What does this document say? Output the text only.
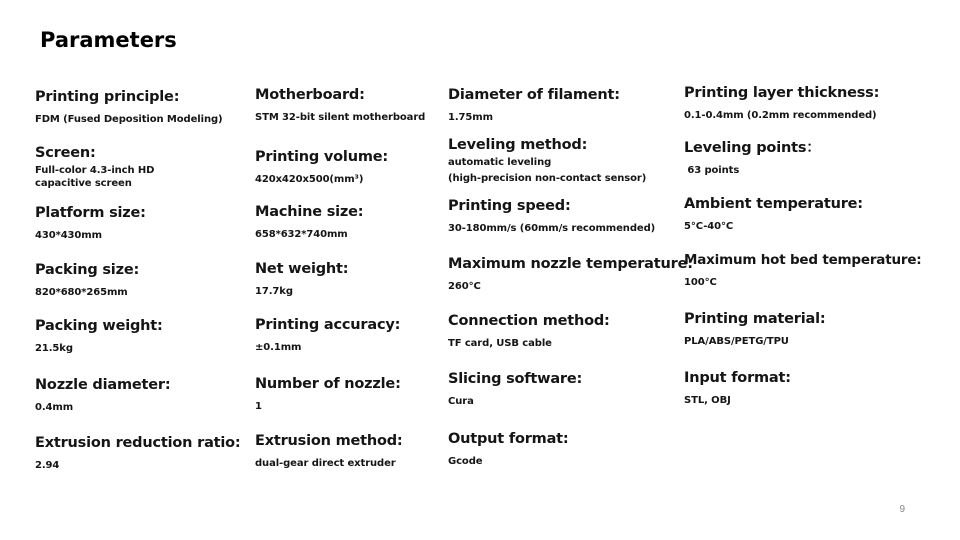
Parameters
Printing principle:
FDM (Fused Deposition Modeling)
Screen:
Full-color 4.3-inch HD
capacitive screen
Platform size:
430*430mm
Packing size:
820*680*265mm
Packing weight:
21.5kg
Nozzle diameter:
0.4mm
Extrusion reduction ratio:
2.94
Motherboard:
STM 32-bit silent motherboard
Printing volume:
420x420x500(mm³)
Machine size:
658*632*740mm
Net weight:
17.7kg
Printing accuracy:
±0.1mm
Number of nozzle:
1
Extrusion method:
dual-gear direct extruder
Diameter of filament:
1.75mm
Leveling method:
automatic leveling
(high-precision non-contact sensor)
Printing speed:
30-180mm/s (60mm/s recommended)
Maximum nozzle temperature:
260°C
Connection method:
TF card, USB cable
Slicing software:
Cura
Output format:
Gcode
Printing layer thickness:
0.1-0.4mm (0.2mm recommended)
Leveling points：
63 points
Ambient temperature:
5°C-40°C
Maximum hot bed temperature:
100°C
Printing material:
PLA/ABS/PETG/TPU
Input format:
STL, OBJ
9
